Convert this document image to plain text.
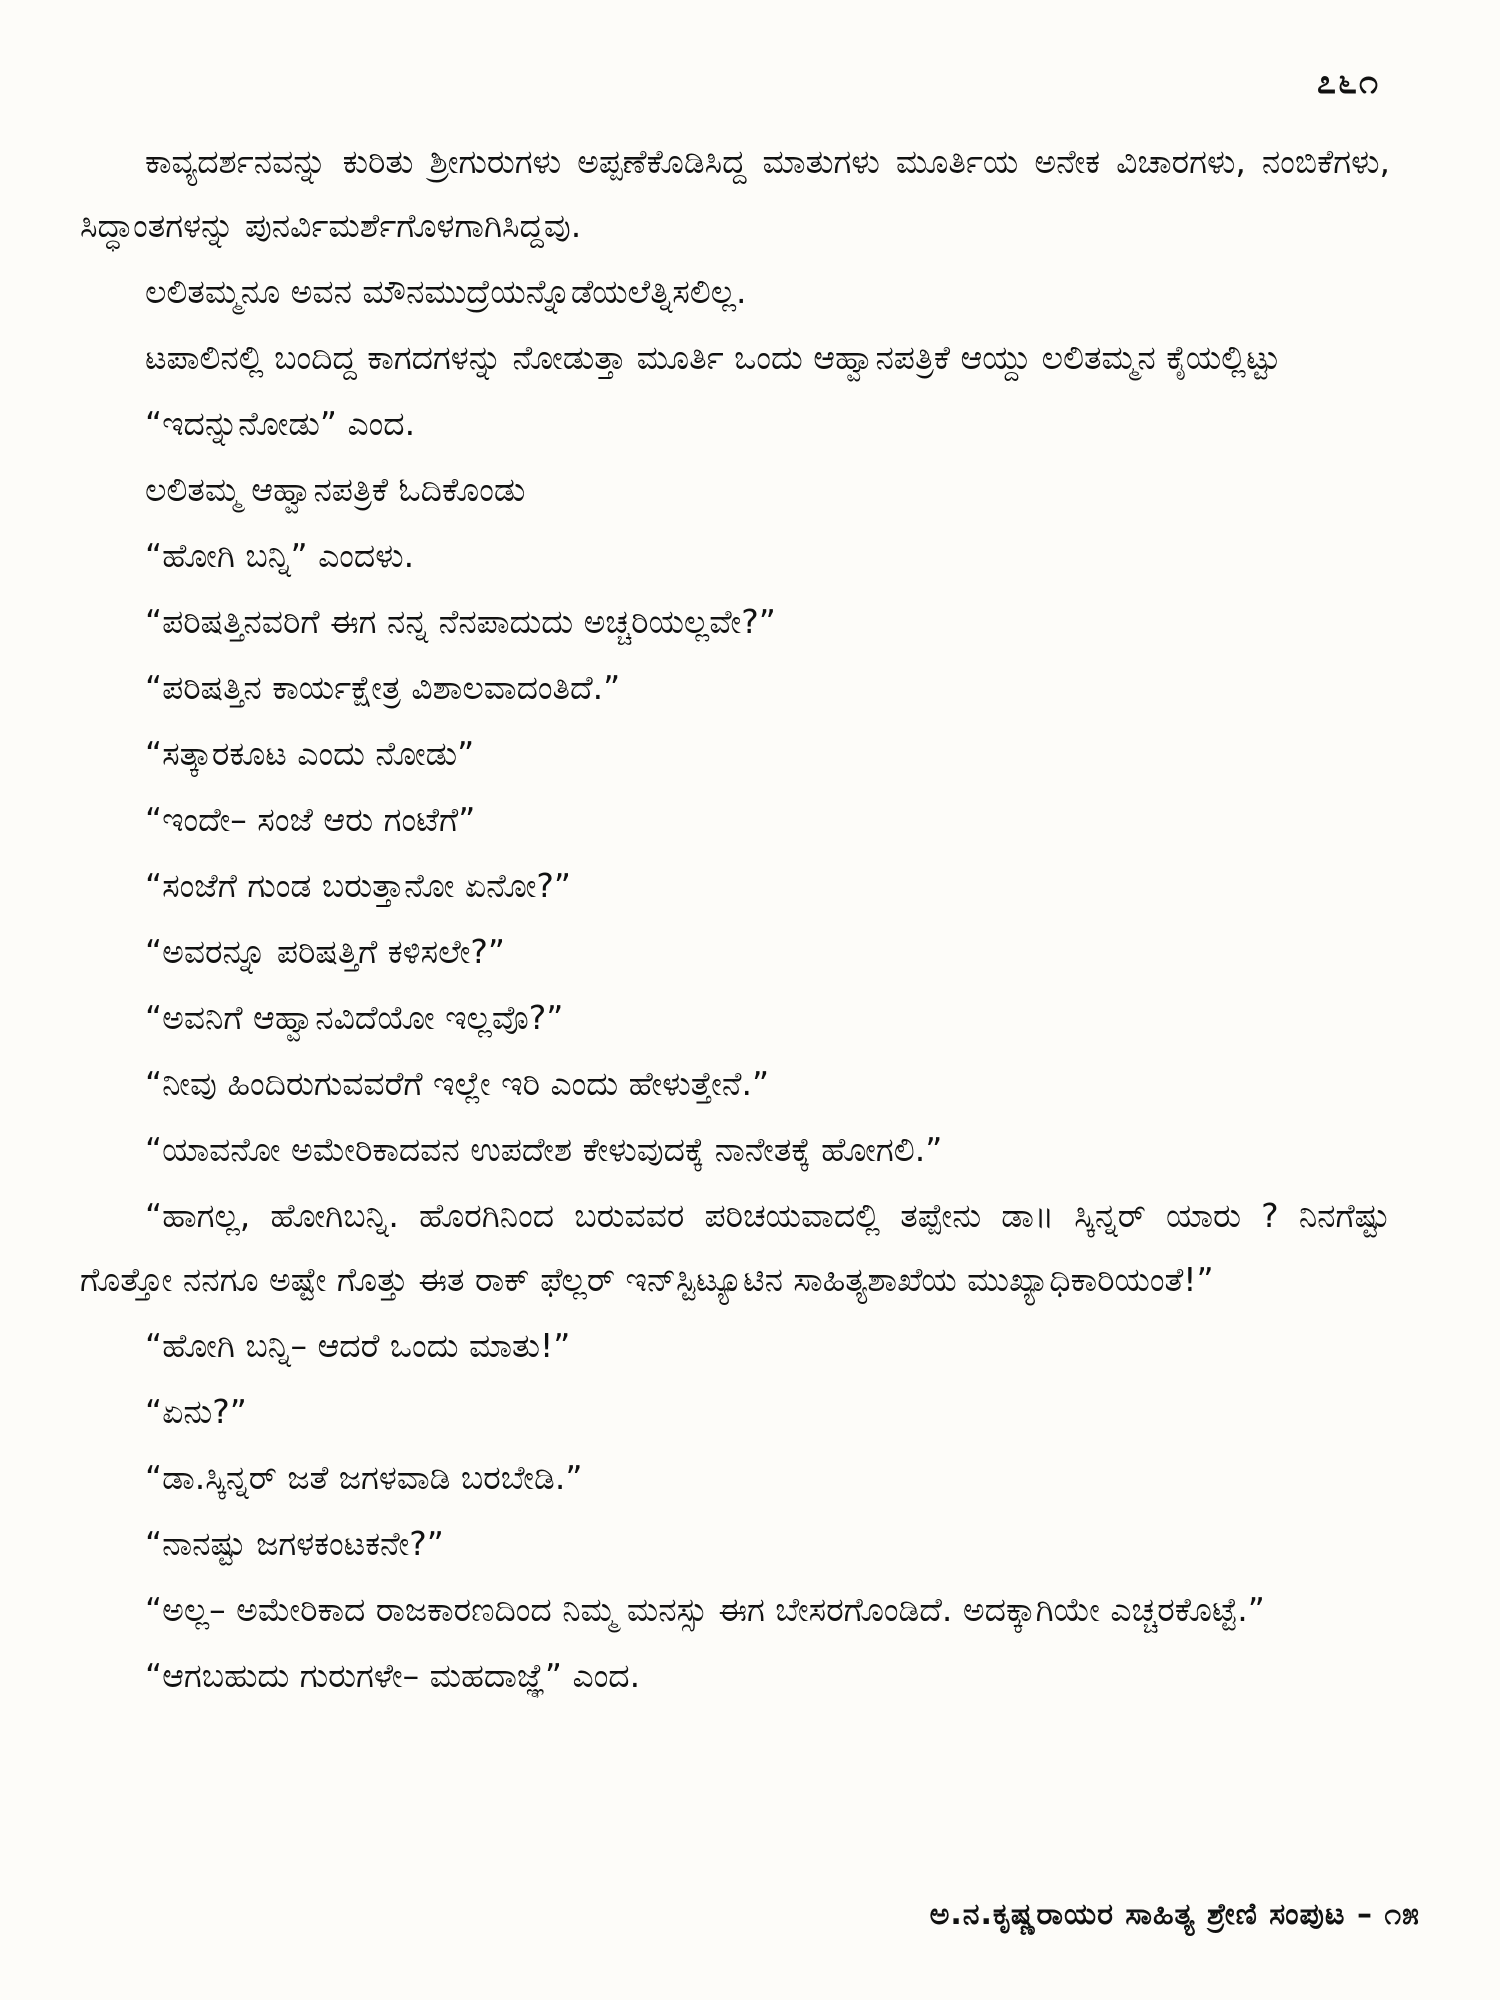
೭೬೧

ಕಾವ್ಯದರ್ಶನವನ್ನು ಕುರಿತು ಶ್ರೀಗುರುಗಳು ಅಪ್ಪಣೆಕೊಡಿಸಿದ್ದ ಮಾತುಗಳು ಮೂರ್ತಿಯ ಅನೇಕ ವಿಚಾರಗಳು, ನಂಬಿಕೆಗಳು, ಸಿದ್ಧಾಂತಗಳನ್ನು ಪುನರ್ವಿಮರ್ಶೆಗೊಳಗಾಗಿಸಿದ್ದವು.

ಲಲಿತಮ್ಮನೂ ಅವನ ಮೌನಮುದ್ರೆಯನ್ನೊಡೆಯಲೆತ್ನಿಸಲಿಲ್ಲ.

ಟಪಾಲಿನಲ್ಲಿ ಬಂದಿದ್ದ ಕಾಗದಗಳನ್ನು ನೋಡುತ್ತಾ ಮೂರ್ತಿ ಒಂದು ಆಹ್ವಾನಪತ್ರಿಕೆ ಆಯ್ದು ಲಲಿತಮ್ಮನ ಕೈಯಲ್ಲಿಟ್ಟು

“ಇದನ್ನುನೋಡು” ಎಂದ.

ಲಲಿತಮ್ಮ ಆಹ್ವಾನಪತ್ರಿಕೆ ಓದಿಕೊಂಡು

“ಹೋಗಿ ಬನ್ನಿ” ಎಂದಳು.

“ಪರಿಷತ್ತಿನವರಿಗೆ ಈಗ ನನ್ನ ನೆನಪಾದುದು ಅಚ್ಚರಿಯಲ್ಲವೇ?”

“ಪರಿಷತ್ತಿನ ಕಾರ್ಯಕ್ಷೇತ್ರ ವಿಶಾಲವಾದಂತಿದೆ.”

“ಸತ್ಕಾರಕೂಟ ಎಂದು ನೋಡು”

“ಇಂದೇ– ಸಂಜೆ ಆರು ಗಂಟೆಗೆ”

“ಸಂಜೆಗೆ ಗುಂಡ ಬರುತ್ತಾನೋ ಏನೋ?”

“ಅವರನ್ನೂ ಪರಿಷತ್ತಿಗೆ ಕಳಿಸಲೇ?”

“ಅವನಿಗೆ ಆಹ್ವಾನವಿದೆಯೋ ಇಲ್ಲವೊ?”

“ನೀವು ಹಿಂದಿರುಗುವವರೆಗೆ ಇಲ್ಲೇ ಇರಿ ಎಂದು ಹೇಳುತ್ತೇನೆ.”

“ಯಾವನೋ ಅಮೇರಿಕಾದವನ ಉಪದೇಶ ಕೇಳುವುದಕ್ಕೆ ನಾನೇತಕ್ಕೆ ಹೋಗಲಿ.”

“ಹಾಗಲ್ಲ, ಹೋಗಿಬನ್ನಿ. ಹೊರಗಿನಿಂದ ಬರುವವರ ಪರಿಚಯವಾದಲ್ಲಿ ತಪ್ಪೇನು ಡಾ॥ ಸ್ಕಿನ್ನರ್ ಯಾರು ? ನಿನಗೆಷ್ಟು ಗೊತ್ತೋ ನನಗೂ ಅಷ್ಟೇ ಗೊತ್ತು ಈತ ರಾಕ್ ಫೆಲ್ಲರ್ ಇನ್‌ಸ್ಟಿಟ್ಯೂಟಿನ ಸಾಹಿತ್ಯಶಾಖೆಯ ಮುಖ್ಯಾಧಿಕಾರಿಯಂತೆ!”

“ಹೋಗಿ ಬನ್ನಿ– ಆದರೆ ಒಂದು ಮಾತು!”

“ಏನು?”

“ಡಾ.ಸ್ಕಿನ್ನರ್ ಜತೆ ಜಗಳವಾಡಿ ಬರಬೇಡಿ.”

“ನಾನಷ್ಟು ಜಗಳಕಂಟಕನೇ?”

“ಅಲ್ಲ– ಅಮೇರಿಕಾದ ರಾಜಕಾರಣದಿಂದ ನಿಮ್ಮ ಮನಸ್ಸು ಈಗ ಬೇಸರಗೊಂಡಿದೆ. ಅದಕ್ಕಾಗಿಯೇ ಎಚ್ಚರಕೊಟ್ಟೆ.”

“ಆಗಬಹುದು ಗುರುಗಳೇ– ಮಹದಾಜ್ಞೆ” ಎಂದ.

ಅ.ನ.ಕೃಷ್ಣರಾಯರ ಸಾಹಿತ್ಯ ಶ್ರೇಣಿ ಸಂಪುಟ – ೧೫
